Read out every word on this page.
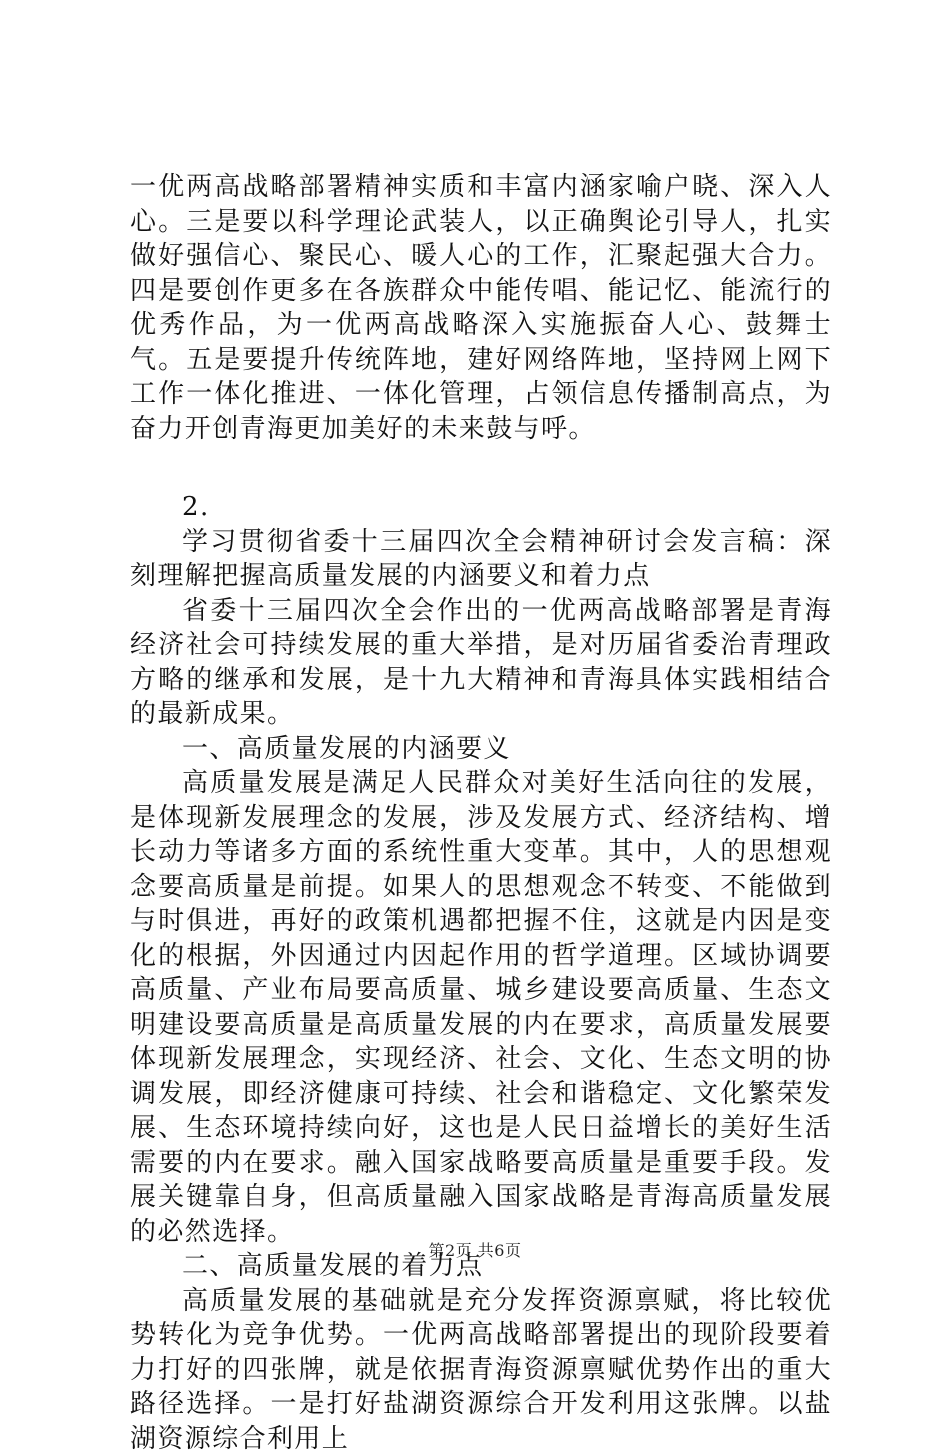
一优两高战略部署精神实质和丰富内涵家喻户晓、深入人心。三是要以科学理论武装人，以正确舆论引导人，扎实做好强信心、聚民心、暖人心的工作，汇聚起强大合力。四是要创作更多在各族群众中能传唱、能记忆、能流行的优秀作品，为一优两高战略深入实施振奋人心、鼓舞士气。五是要提升传统阵地，建好网络阵地，坚持网上网下工作一体化推进、一体化管理，占领信息传播制高点，为奋力开创青海更加美好的未来鼓与呼。

2.

学习贯彻省委十三届四次全会精神研讨会发言稿：深刻理解把握高质量发展的内涵要义和着力点

省委十三届四次全会作出的一优两高战略部署是青海经济社会可持续发展的重大举措，是对历届省委治青理政方略的继承和发展，是十九大精神和青海具体实践相结合的最新成果。

一、高质量发展的内涵要义

高质量发展是满足人民群众对美好生活向往的发展，是体现新发展理念的发展，涉及发展方式、经济结构、增长动力等诸多方面的系统性重大变革。其中，人的思想观念要高质量是前提。如果人的思想观念不转变、不能做到与时俱进，再好的政策机遇都把握不住，这就是内因是变化的根据，外因通过内因起作用的哲学道理。区域协调要高质量、产业布局要高质量、城乡建设要高质量、生态文明建设要高质量是高质量发展的内在要求，高质量发展要体现新发展理念，实现经济、社会、文化、生态文明的协调发展，即经济健康可持续、社会和谐稳定、文化繁荣发展、生态环境持续向好，这也是人民日益增长的美好生活需要的内在要求。融入国家战略要高质量是重要手段。发展关键靠自身，但高质量融入国家战略是青海高质量发展的必然选择。

二、高质量发展的着力点

高质量发展的基础就是充分发挥资源禀赋，将比较优势转化为竞争优势。一优两高战略部署提出的现阶段要着力打好的四张牌，就是依据青海资源禀赋优势作出的重大路径选择。一是打好盐湖资源综合开发利用这张牌。以盐湖资源综合利用上

第2页 共6页
